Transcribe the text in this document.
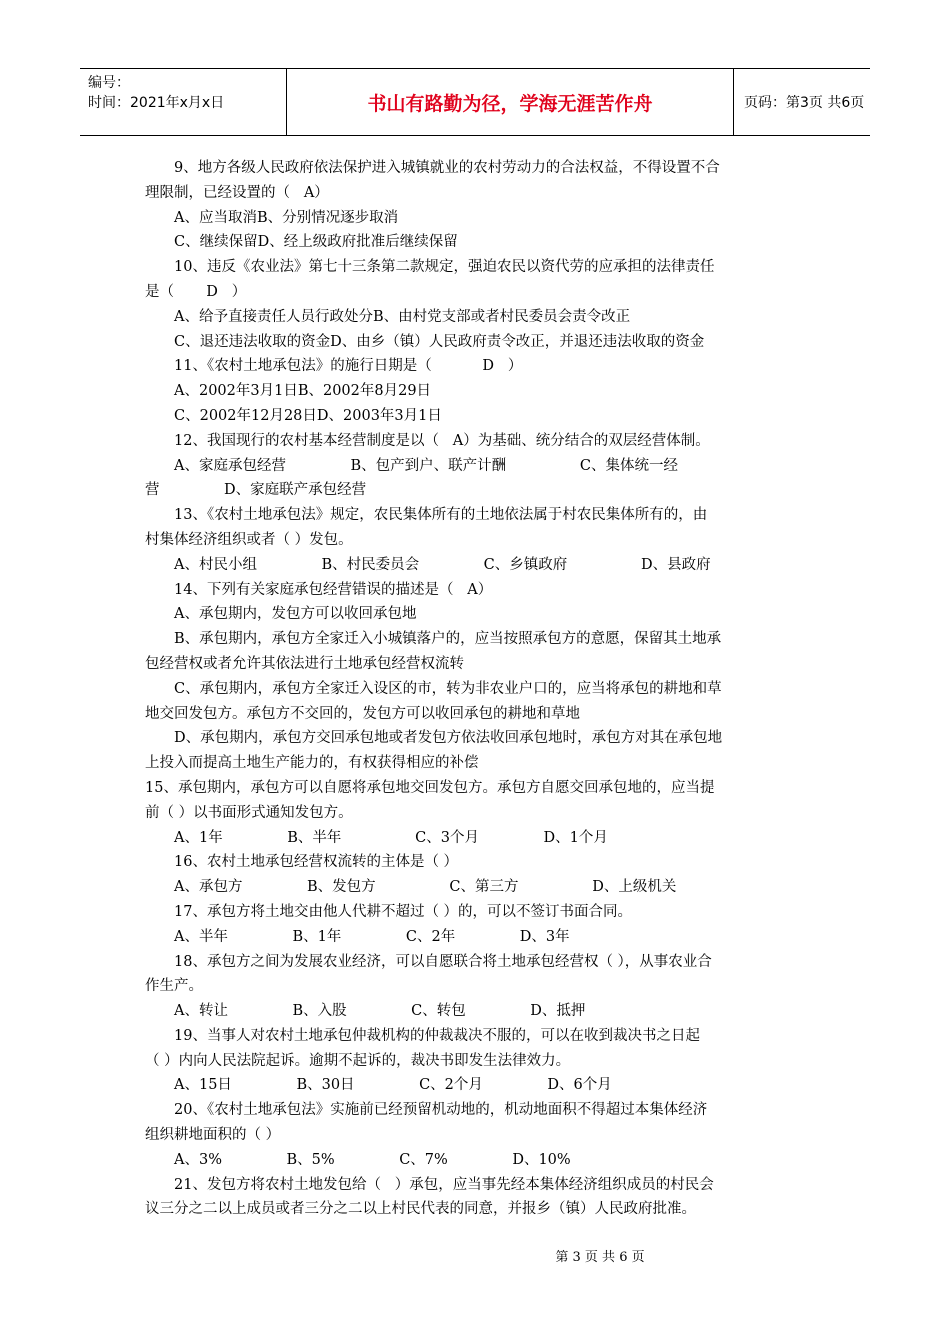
编号：
时间：2021年x月x日	书山有路勤为径，学海无涯苦作舟	页码：第3页 共6页

9、地方各级人民政府依法保护进入城镇就业的农村劳动力的合法权益，不得设置不合

理限制，已经设置的（   A）

A、应当取消B、分别情况逐步取消

C、继续保留D、经上级政府批准后继续保留

10、违反《农业法》第七十三条第二款规定，强迫农民以资代劳的应承担的法律责任

是（       D   ）

A、给予直接责任人员行政处分B、由村党支部或者村民委员会责令改正

C、退还违法收取的资金D、由乡（镇）人民政府责令改正，并退还违法收取的资金

11、《农村土地承包法》的施行日期是（           D   ）

A、2002年3月1日B、2002年8月29日

C、2002年12月28日D、2003年3月1日

12、我国现行的农村基本经营制度是以（   A）为基础、统分结合的双层经营体制。

A、家庭承包经营              B、包产到户、联产计酬                C、集体统一经

营              D、家庭联产承包经营

13、《农村土地承包法》规定，农民集体所有的土地依法属于村农民集体所有的，由

村集体经济组织或者（ ）发包。

A、村民小组              B、村民委员会              C、乡镇政府                D、县政府

14、下列有关家庭承包经营错误的描述是（   A）

A、承包期内，发包方可以收回承包地

B、承包期内，承包方全家迁入小城镇落户的，应当按照承包方的意愿，保留其土地承

包经营权或者允许其依法进行土地承包经营权流转

C、承包期内，承包方全家迁入设区的市，转为非农业户口的，应当将承包的耕地和草

地交回发包方。承包方不交回的，发包方可以收回承包的耕地和草地

D、承包期内，承包方交回承包地或者发包方依法收回承包地时，承包方对其在承包地

上投入而提高土地生产能力的，有权获得相应的补偿

15、承包期内，承包方可以自愿将承包地交回发包方。承包方自愿交回承包地的，应当提

前（ ）以书面形式通知发包方。

A、1年              B、半年                C、3个月              D、1个月

16、农村土地承包经营权流转的主体是（ ）

A、承包方              B、发包方                C、第三方                D、上级机关

17、承包方将土地交由他人代耕不超过（ ）的，可以不签订书面合同。

A、半年              B、1年              C、2年              D、3年

18、承包方之间为发展农业经济，可以自愿联合将土地承包经营权（ ），从事农业合

作生产。

A、转让              B、入股              C、转包              D、抵押

19、当事人对农村土地承包仲裁机构的仲裁裁决不服的，可以在收到裁决书之日起

（ ）内向人民法院起诉。逾期不起诉的，裁决书即发生法律效力。

A、15日              B、30日              C、2个月              D、6个月

20、《农村土地承包法》实施前已经预留机动地的，机动地面积不得超过本集体经济

组织耕地面积的（ ）

A、3%              B、5%              C、7%              D、10%

21、发包方将农村土地发包给（   ）承包，应当事先经本集体经济组织成员的村民会

议三分之二以上成员或者三分之二以上村民代表的同意，并报乡（镇）人民政府批准。

第 3 页 共 6 页
